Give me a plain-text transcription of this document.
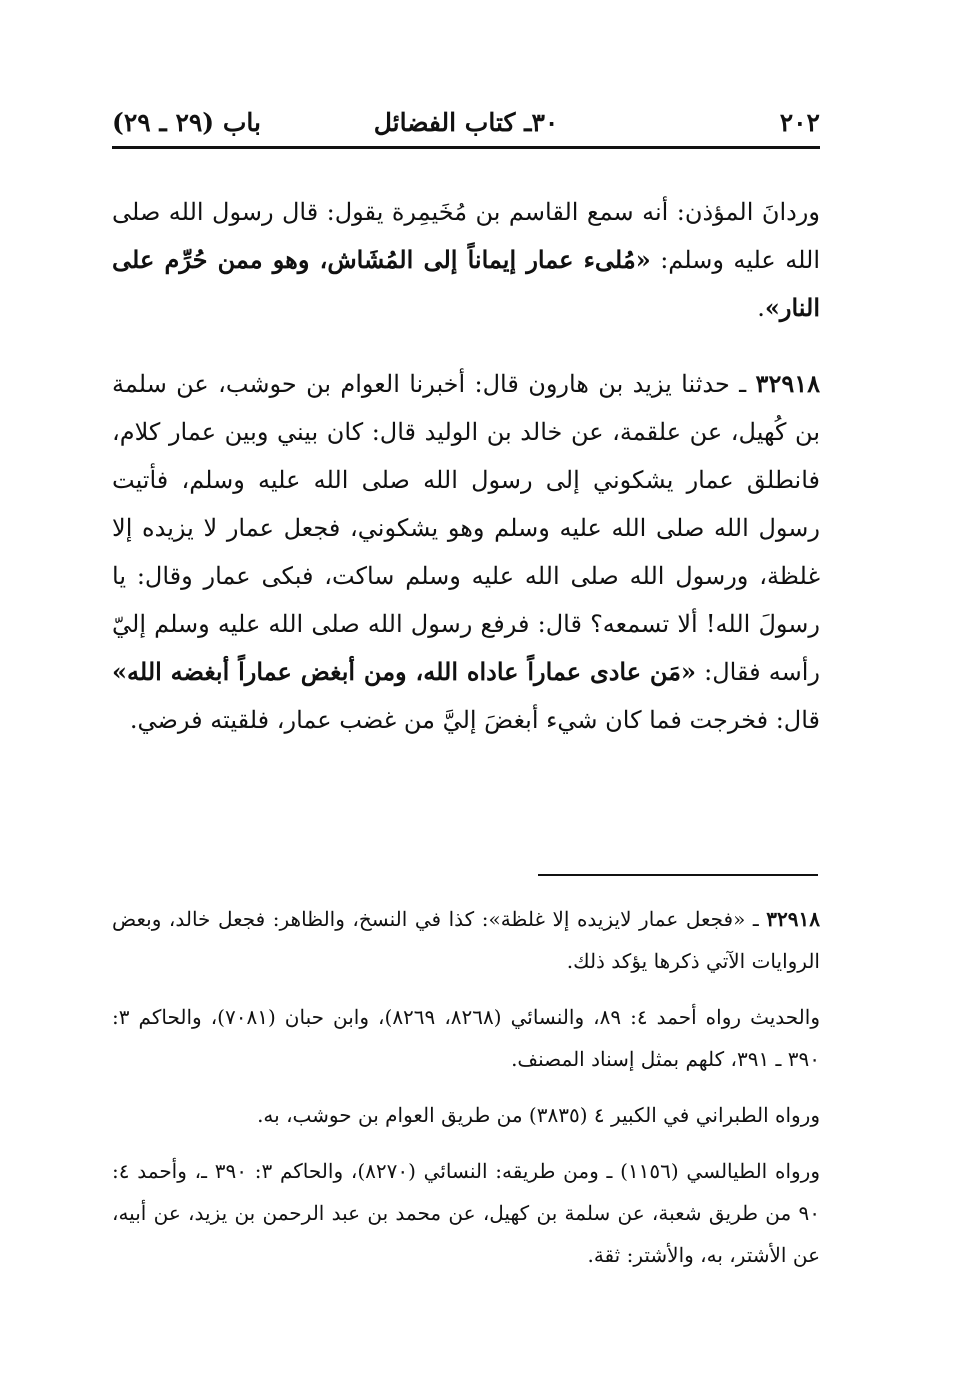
٢٠٢
٣٠ـ كتاب الفضائل
باب (٢٩ ـ ٢٩)

وردانَ المؤذن: أنه سمع القاسم بن مُخَيمِرة يقول: قال رسول الله صلى الله عليه وسلم: «مُلىء عمار إيماناً إلى المُشَاش، وهو ممن حُرِّم على النار».

٣٢٩١٨ ـ حدثنا يزيد بن هارون قال: أخبرنا العوام بن حوشب، عن سلمة بن كُهيل، عن علقمة، عن خالد بن الوليد قال: كان بيني وبين عمار كلام، فانطلق عمار يشكوني إلى رسول الله صلى الله عليه وسلم، فأتيت رسول الله صلى الله عليه وسلم وهو يشكوني، فجعل عمار لا يزيده إلا غلظة، ورسول الله صلى الله عليه وسلم ساكت، فبكى عمار وقال: يا رسولَ الله! ألا تسمعه؟ قال: فرفع رسول الله صلى الله عليه وسلم إليّ رأسه فقال: «مَن عادى عماراً عاداه الله، ومن أبغض عماراً أبغضه الله» قال: فخرجت فما كان شيء أبغضَ إليَّ من غضب عمار، فلقيته فرضي.

٣٢٩١٨ ـ «فجعل عمار لايزيده إلا غلظة»: كذا في النسخ، والظاهر: فجعل خالد، وبعض الروايات الآتي ذكرها يؤكد ذلك.

والحديث رواه أحمد ٤: ٨٩، والنسائي (٨٢٦٨، ٨٢٦٩)، وابن حبان (٧٠٨١)، والحاكم ٣: ٣٩٠ ـ ٣٩١، كلهم بمثل إسناد المصنف.

ورواه الطبراني في الكبير ٤ (٣٨٣٥) من طريق العوام بن حوشب، به.

ورواه الطيالسي (١١٥٦) ـ ومن طريقه: النسائي (٨٢٧٠)، والحاكم ٣: ٣٩٠ ـ، وأحمد ٤: ٩٠ من طريق شعبة، عن سلمة بن كهيل، عن محمد بن عبد الرحمن بن يزيد، عن أبيه، عن الأشتر، به، والأشتر: ثقة.
